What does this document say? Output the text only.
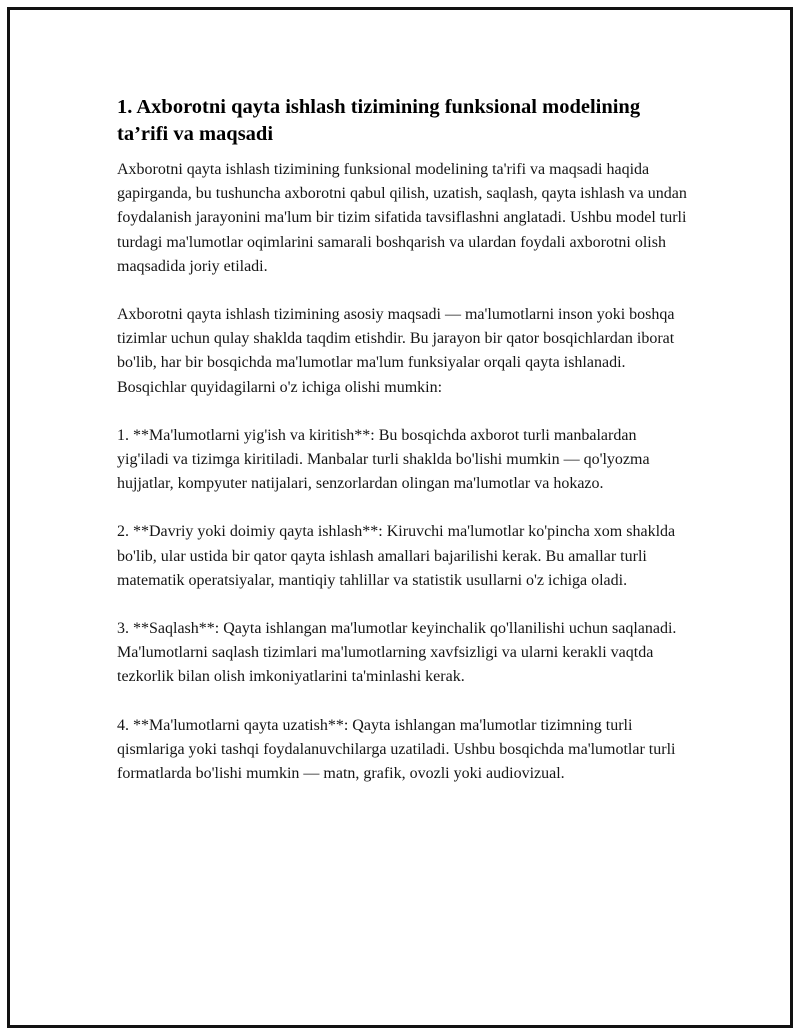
1. Axborotni qayta ishlash tizimining funksional modelining ta’rifi va maqsadi

Axborotni qayta ishlash tizimining funksional modelining ta'rifi va maqsadi haqida gapirganda, bu tushuncha axborotni qabul qilish, uzatish, saqlash, qayta ishlash va undan foydalanish jarayonini ma'lum bir tizim sifatida tavsiflashni anglatadi. Ushbu model turli turdagi ma'lumotlar oqimlarini samarali boshqarish va ulardan foydali axborotni olish maqsadida joriy etiladi.

Axborotni qayta ishlash tizimining asosiy maqsadi — ma'lumotlarni inson yoki boshqa tizimlar uchun qulay shaklda taqdim etishdir. Bu jarayon bir qator bosqichlardan iborat bo'lib, har bir bosqichda ma'lumotlar ma'lum funksiyalar orqali qayta ishlanadi. Bosqichlar quyidagilarni o'z ichiga olishi mumkin:

1. **Ma'lumotlarni yig'ish va kiritish**: Bu bosqichda axborot turli manbalardan yig'iladi va tizimga kiritiladi. Manbalar turli shaklda bo'lishi mumkin — qo'lyozma hujjatlar, kompyuter natijalari, senzorlardan olingan ma'lumotlar va hokazo.

2. **Davriy yoki doimiy qayta ishlash**: Kiruvchi ma'lumotlar ko'pincha xom shaklda bo'lib, ular ustida bir qator qayta ishlash amallari bajarilishi kerak. Bu amallar turli matematik operatsiyalar, mantiqiy tahlillar va statistik usullarni o'z ichiga oladi.

3. **Saqlash**: Qayta ishlangan ma'lumotlar keyinchalik qo'llanilishi uchun saqlanadi. Ma'lumotlarni saqlash tizimlari ma'lumotlarning xavfsizligi va ularni kerakli vaqtda tezkorlik bilan olish imkoniyatlarini ta'minlashi kerak.

4. **Ma'lumotlarni qayta uzatish**: Qayta ishlangan ma'lumotlar tizimning turli qismlariga yoki tashqi foydalanuvchilarga uzatiladi. Ushbu bosqichda ma'lumotlar turli formatlarda bo'lishi mumkin — matn, grafik, ovozli yoki audiovizual.
